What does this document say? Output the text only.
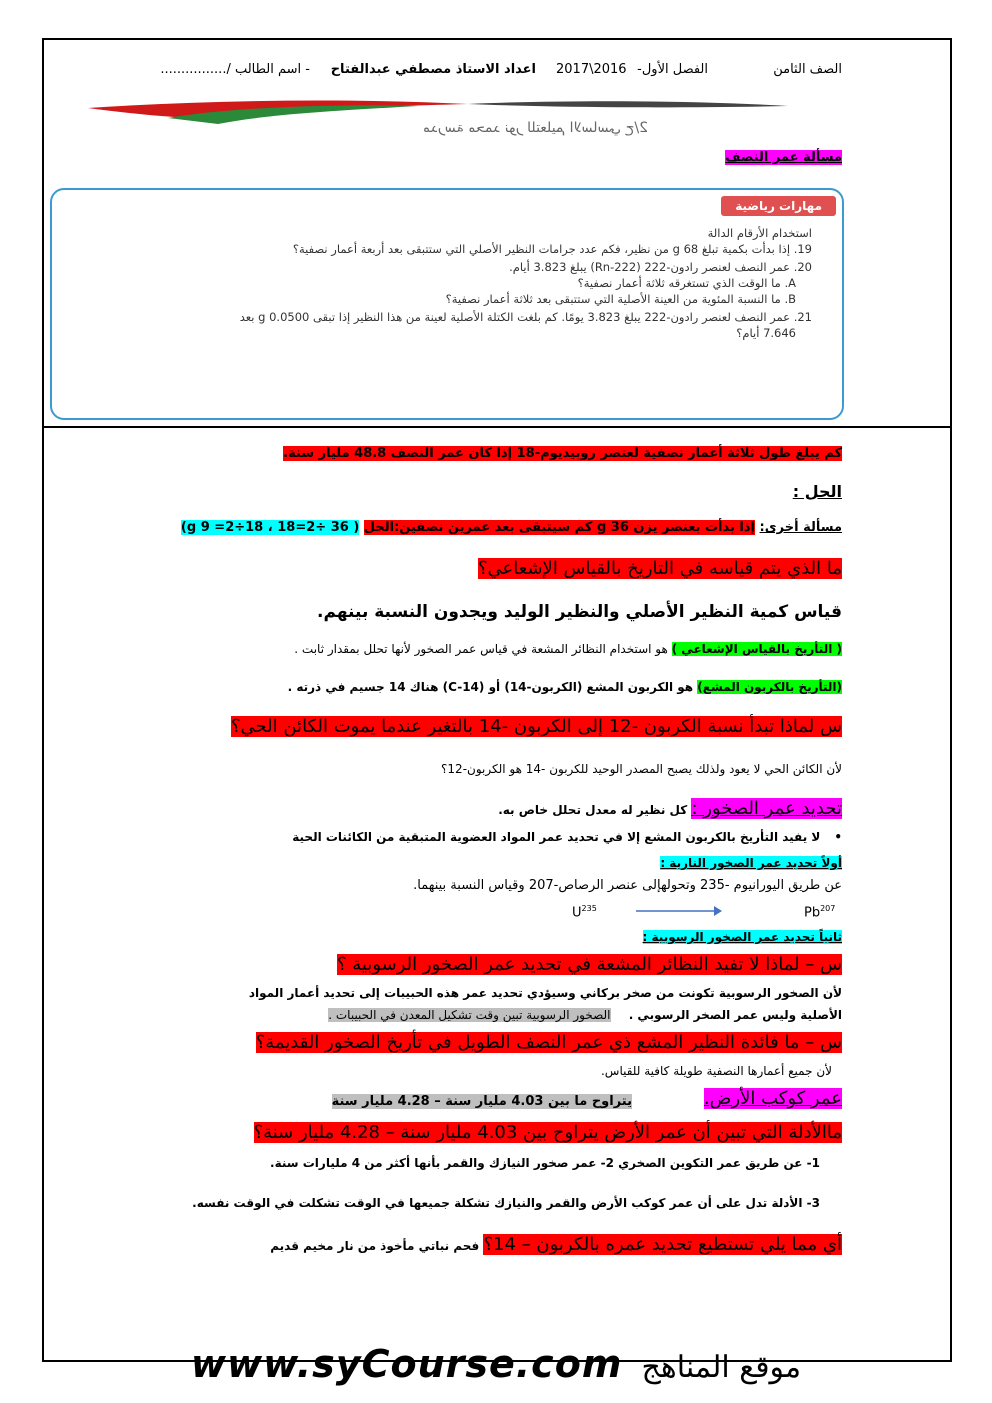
الصف الثامن
الفصل الأول-
2017\2016
اعداد الاستاذ مصطفي عبدالفتاح
- اسم الطالب /................
مدرسة محمد نور للتعليم الاساسي ح/2
مسألة عمر النصف
مهارات رياضية
استخدام الأرقام الدالة
19. إذا بدأت بكمية تبلغ g 68 من نظير، فكم عدد جرامات النظير الأصلي التي ستتبقى بعد أربعة أعمار نصفية؟
20. عمر النصف لعنصر رادون-222 (Rn-222) يبلغ 3.823 أيام.
A. ما الوقت الذي تستغرقه ثلاثة أعمار نصفية؟
B. ما النسبة المئوية من العينة الأصلية التي ستتبقى بعد ثلاثة أعمار نصفية؟
21. عمر النصف لعنصر رادون-222 يبلغ 3.823 يومًا. كم بلغت الكتلة الأصلية لعينة من هذا النظير إذا تبقى g 0.0500 بعد
7.646 أيام؟
كم يبلغ طول ثلاثة أعمار نصفية لعنصر روبيديوم-18 إذا كان عمر النصف 48.8 مليار سنة.
الحل :
مسألة أخرى: إذا بدأت بعنصر يزن g 36 كم سيتبقى بعد عمرين نصفين:الحل ( 36 ÷2=18 ، 18÷2= 9 g)
ما الذي يتم قياسه في التاريخ بالقياس الإشعاعي؟
قياس كمية النظير الأصلي والنظير الوليد ويجدون النسبة بينهم.
( التأريخ بالقياس الإشعاعي ) هو استخدام النظائر المشعة في قياس عمر الصخور لأنها تحلل بمقدار ثابت .
(التأريخ بالكربون المشع) هو الكربون المشع (الكربون-14) أو (C-14) هناك 14 جسيم في ذرته .
س لماذا تبدأ نسبة الكربون -12 إلى الكربون -14 بالتغير عندما يموت الكائن الحي؟
لأن الكائن الحي لا يعود ولذلك يصبح المصدر الوحيد للكربون -14 هو الكربون-12؟
تحديد عمر الصخور : كل نظير له معدل تحلل خاص به.
•لا يفيد التأريخ بالكربون المشع إلا في تحديد عمر المواد العضوية المتبقية من الكائنات الحية
أولاً تحديد عمر الصخور النارية :
عن طريق اليورانيوم -235 وتحولهإلى عنصر الرصاص-207 وقياس النسبة بينهما.
$U^{235}$	Pb$^{207}$
ثانياً تحديد عمر الصخور الرسوبية :
س – لماذا لا تفيد النظائر المشعة في تحديد عمر الصخور الرسوبية ؟
لأن الصخور الرسوبية تكونت من صخر بركاني وسيؤدي تحديد عمر هذه الحبيبات إلى تحديد أعمار المواد
الأصلية وليس عمر الصخر الرسوبي . الصخور الرسوبية تبين وقت تشكيل المعدن في الحبيبات .
س – ما فائدة النظير المشع ذي عمر النصف الطويل في تأريخ الصخور القديمة؟
لأن جميع أعمارها النصفية طويلة كافية للقياس.
عمر كوكب الأرض.
يتراوح ما بين 4.03 مليار سنة – 4.28 مليار سنة
ماالأدلة التي تبين أن عمر الأرض يتراوح بين 4.03 مليار سنة – 4.28 مليار سنة؟
1- عن طريق عمر التكوين الصخري 2- عمر صخور النيازك والقمر بأنها أكثر من 4 مليارات سنة.
3- الأدلة تدل على أن عمر كوكب الأرض والقمر والنيازك تشكلة جميعها في الوقت تشكلت في الوقت نفسه.
أي مما يلي تستطيع تحديد عمره بالكربون – 14؟ فحم نباتي مأخوذ من نار مخيم قديم
www.syCourse.com موقع المناهج
